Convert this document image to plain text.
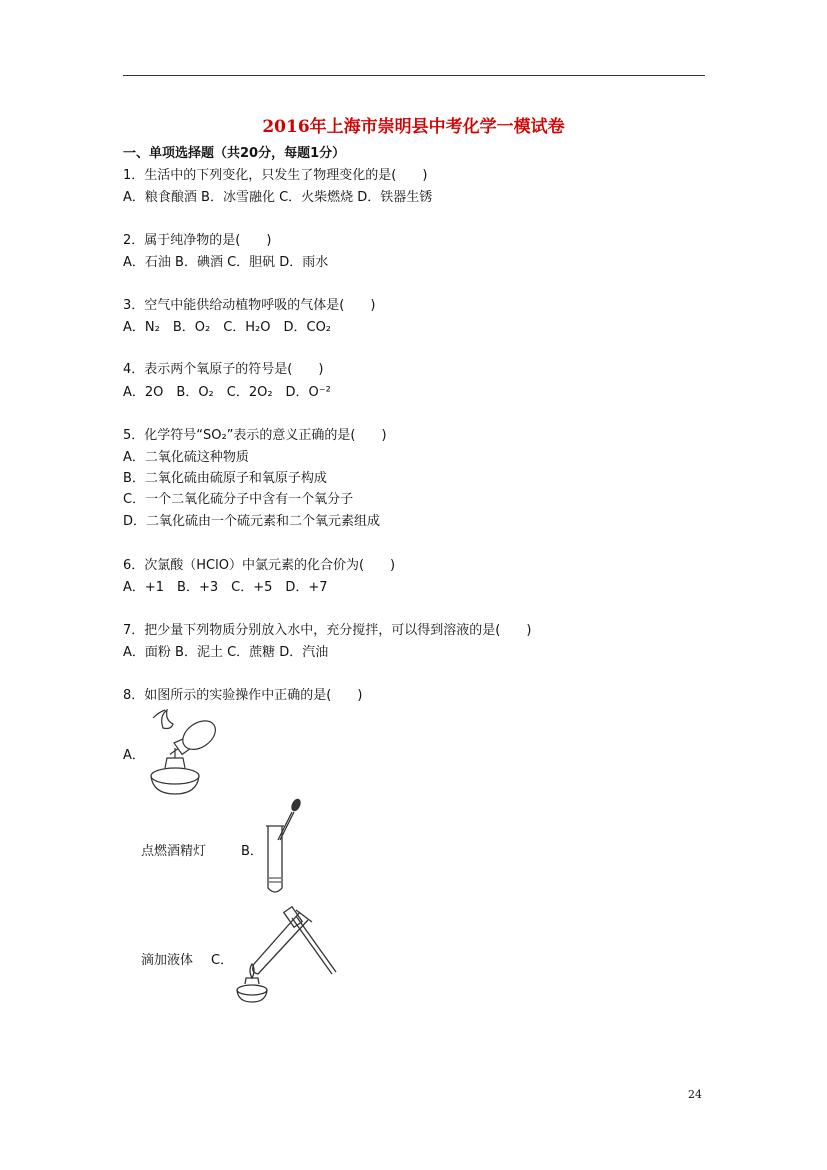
2016年上海市崇明县中考化学一模试卷
一、单项选择题（共20分，每题1分）
1．生活中的下列变化，只发生了物理变化的是(　　)
A．粮食酿酒 B．冰雪融化 C．火柴燃烧 D．铁器生锈
2．属于纯净物的是(　　)
A．石油 B．碘酒 C．胆矾 D．雨水
3．空气中能供给动植物呼吸的气体是(　　)
A．N₂　B．O₂　C．H₂O　D．CO₂
4．表示两个氧原子的符号是(　　)
A．2O　B．O₂　C．2O₂　D．O⁻²
5．化学符号“SO₂”表示的意义正确的是(　　)
A．二氧化硫这种物质
B．二氧化硫由硫原子和氧原子构成
C．一个二氧化硫分子中含有一个氧分子
D．二氧化硫由一个硫元素和二个氧元素组成
6．次氯酸（HClO）中氯元素的化合价为(　　)
A．+1　B．+3　C．+5　D．+7
7．把少量下列物质分别放入水中，充分搅拌，可以得到溶液的是(　　)
A．面粉 B．泥土 C．蔗糖 D．汽油
8．如图所示的实验操作中正确的是(　　)
A．
点燃酒精灯	B．
滴加液体 C．
24
